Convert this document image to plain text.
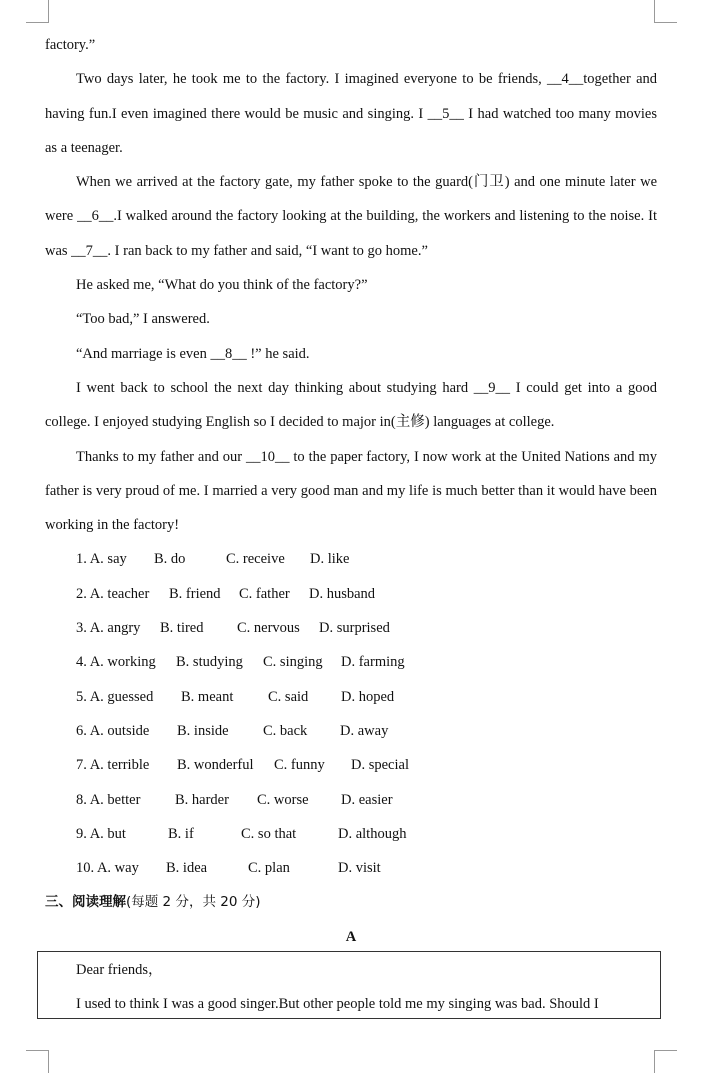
factory.”

Two days later, he took me to the factory. I imagined everyone to be friends, __4__together and having fun.I even imagined there would be music and singing. I __5__ I had watched too many movies as a teenager.

When we arrived at the factory gate, my father spoke to the guard(门卫) and one minute later we were __6__.I walked around the factory looking at the building, the workers and listening to the noise. It was __7__. I ran back to my father and said, “I want to go home.”

He asked me, “What do you think of the factory?”

“Too bad,” I answered.

“And marriage is even __8__ !” he said.

I went back to school the next day thinking about studying hard __9__ I could get into a good college. I enjoyed studying English so I decided to major in(主修) languages at college.

Thanks to my father and our __10__ to the paper factory, I now work at the United Nations and my father is very proud of me. I married a very good man and my life is much better than it would have been working in the factory!

1. A. say B. do	C. receive D. like

2. A. teacher B. friend C. father D. husband

3. A. angry B. tired C. nervous D. surprised

4. A. working B. studying C. singing D. farming

5. A. guessed B. meant C. said D. hoped

6. A. outside B. inside C. back D. away

7. A. terrible B. wonderful C. funny D. special

8. A. better B. harder C. worse D. easier

9. A. but	B. if	C. so that	D. although

10. A. way B. idea	C. plan	D. visit

三、阅读理解(每题 2 分，共 20 分)

A

Dear friends，

I used to think I was a good singer.But other people told me my singing was bad. Should I
